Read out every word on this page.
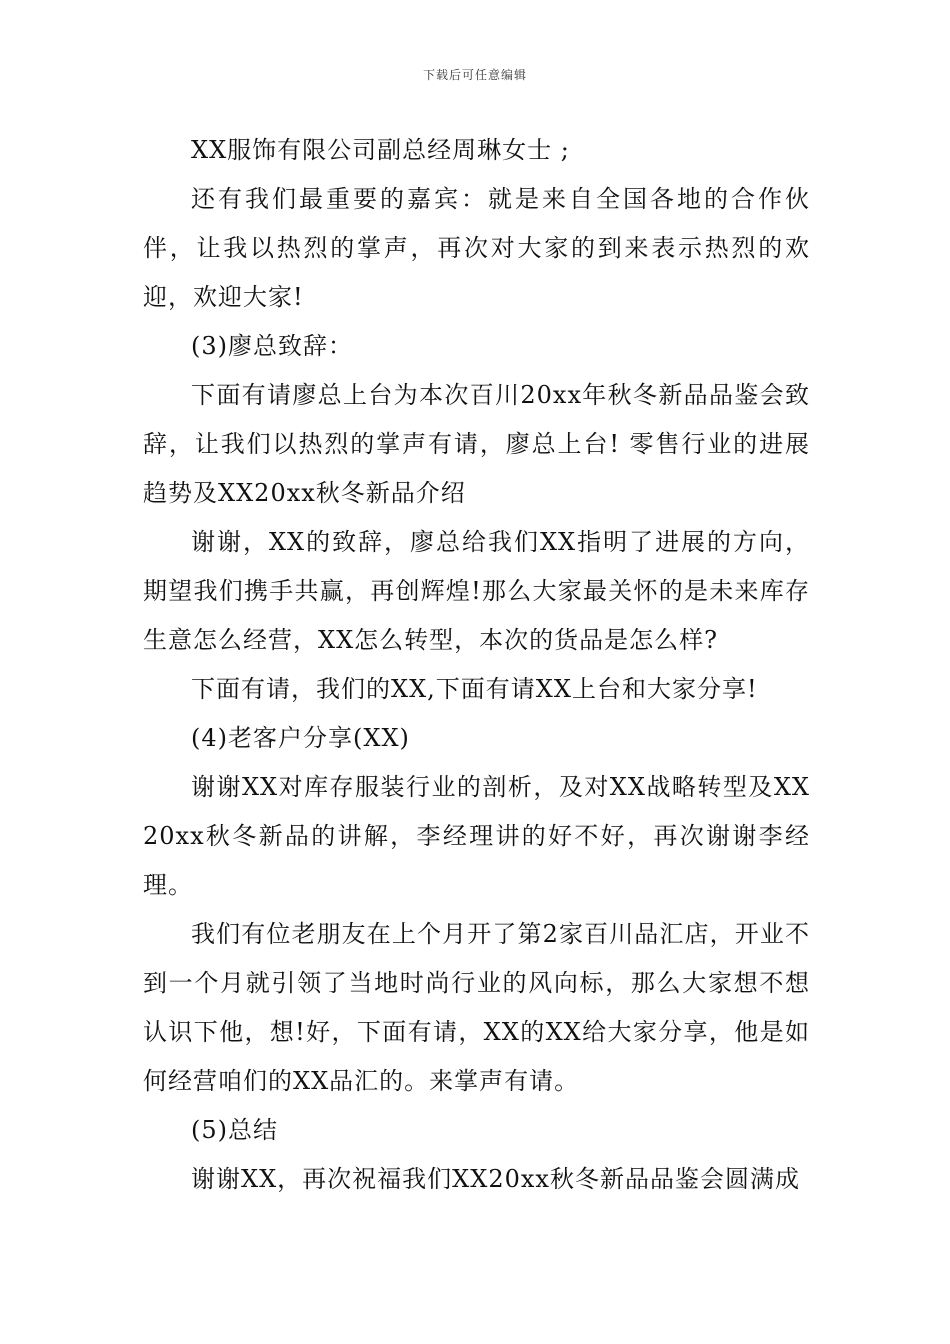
下载后可任意编辑

XX服饰有限公司副总经周琳女士 ;

还有我们最重要的嘉宾：就是来自全国各地的合作伙伴，让我以热烈的掌声，再次对大家的到来表示热烈的欢迎，欢迎大家!

(3)廖总致辞：

下面有请廖总上台为本次百川20xx年秋冬新品品鉴会致辞，让我们以热烈的掌声有请，廖总上台! 零售行业的进展趋势及XX20xx秋冬新品介绍

谢谢，XX的致辞，廖总给我们XX指明了进展的方向，期望我们携手共赢，再创辉煌!那么大家最关怀的是未来库存生意怎么经营，XX怎么转型，本次的货品是怎么样?

下面有请，我们的XX,下面有请XX上台和大家分享!

(4)老客户分享(XX)

谢谢XX对库存服装行业的剖析，及对XX战略转型及XX20xx秋冬新品的讲解，李经理讲的好不好，再次谢谢李经理。

我们有位老朋友在上个月开了第2家百川品汇店，开业不到一个月就引领了当地时尚行业的风向标，那么大家想不想认识下他，想!好，下面有请，XX的XX给大家分享，他是如何经营咱们的XX品汇的。来掌声有请。

(5)总结

谢谢XX，再次祝福我们XX20xx秋冬新品品鉴会圆满成
